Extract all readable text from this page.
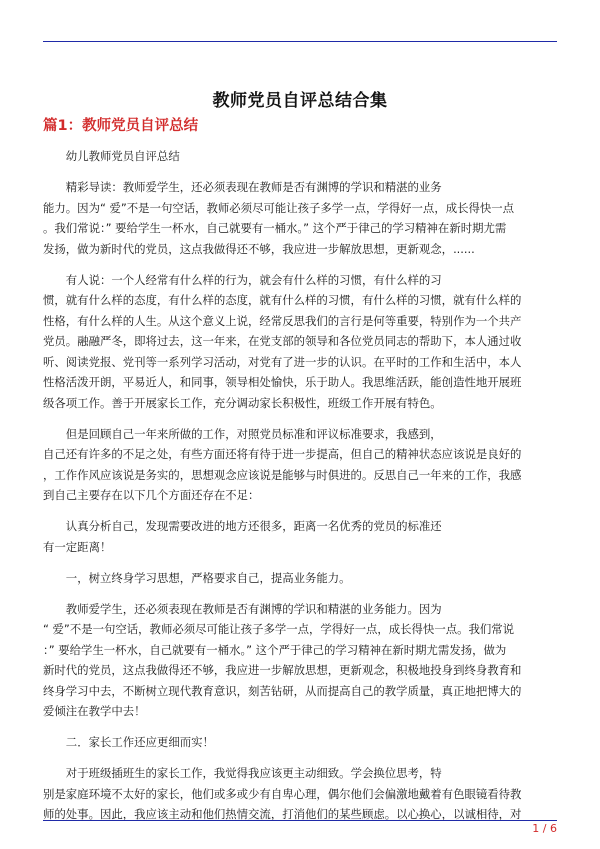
教师党员自评总结合集
篇1：教师党员自评总结

幼儿教师党员自评总结

精彩导读：教师爱学生，还必须表现在教师是否有渊博的学识和精湛的业务
能力。因为“ 爱”不是一句空话，教师必须尽可能让孩子多学一点，学得好一点，成长得快一点
。我们常说：” 要给学生一杯水，自己就要有一桶水。” 这个严于律己的学习精神在新时期尤需
发扬，做为新时代的党员，这点我做得还不够，我应进一步解放思想，更新观念，......

有人说：一个人经常有什么样的行为，就会有什么样的习惯，有什么样的习
惯，就有什么样的态度，有什么样的态度，就有什么样的习惯，有什么样的习惯，就有什么样的
性格，有什么样的人生。从这个意义上说，经常反思我们的言行是何等重要，特别作为一个共产
党员。融融严冬，即将过去，这一年来，在党支部的领导和各位党员同志的帮助下，本人通过收
听、阅读党报、党刊等一系列学习活动，对党有了进一步的认识。在平时的工作和生活中，本人
性格活泼开朗，平易近人，和同事，领导相处愉快，乐于助人。我思维活跃，能创造性地开展班
级各项工作。善于开展家长工作，充分调动家长积极性，班级工作开展有特色。

但是回顾自己一年来所做的工作，对照党员标准和评议标准要求，我感到，
自己还有许多的不足之处，有些方面还将有待于进一步提高，但自己的精神状态应该说是良好的
，工作作风应该说是务实的，思想观念应该说是能够与时俱进的。反思自己一年来的工作，我感
到自己主要存在以下几个方面还存在不足：

认真分析自己，发现需要改进的地方还很多，距离一名优秀的党员的标准还
有一定距离！

一，树立终身学习思想，严格要求自己，提高业务能力。

教师爱学生，还必须表现在教师是否有渊博的学识和精湛的业务能力。因为
“ 爱”不是一句空话，教师必须尽可能让孩子多学一点，学得好一点，成长得快一点。我们常说
：” 要给学生一杯水，自己就要有一桶水。” 这个严于律己的学习精神在新时期尤需发扬，做为
新时代的党员，这点我做得还不够，我应进一步解放思想，更新观念，积极地投身到终身教育和
终身学习中去，不断树立现代教育意识，刻苦钻研，从而提高自己的教学质量，真正地把博大的
爱倾注在教学中去！

二．家长工作还应更细而实！

对于班级插班生的家长工作，我觉得我应该更主动细致。学会换位思考，特
别是家庭环境不太好的家长，他们或多或少有自卑心理，偶尔他们会偏激地戴着有色眼镜看待教
师的处事。因此，我应该主动和他们热情交流，打消他们的某些顾虑。以心换心，以诚相待，对

1 / 6
